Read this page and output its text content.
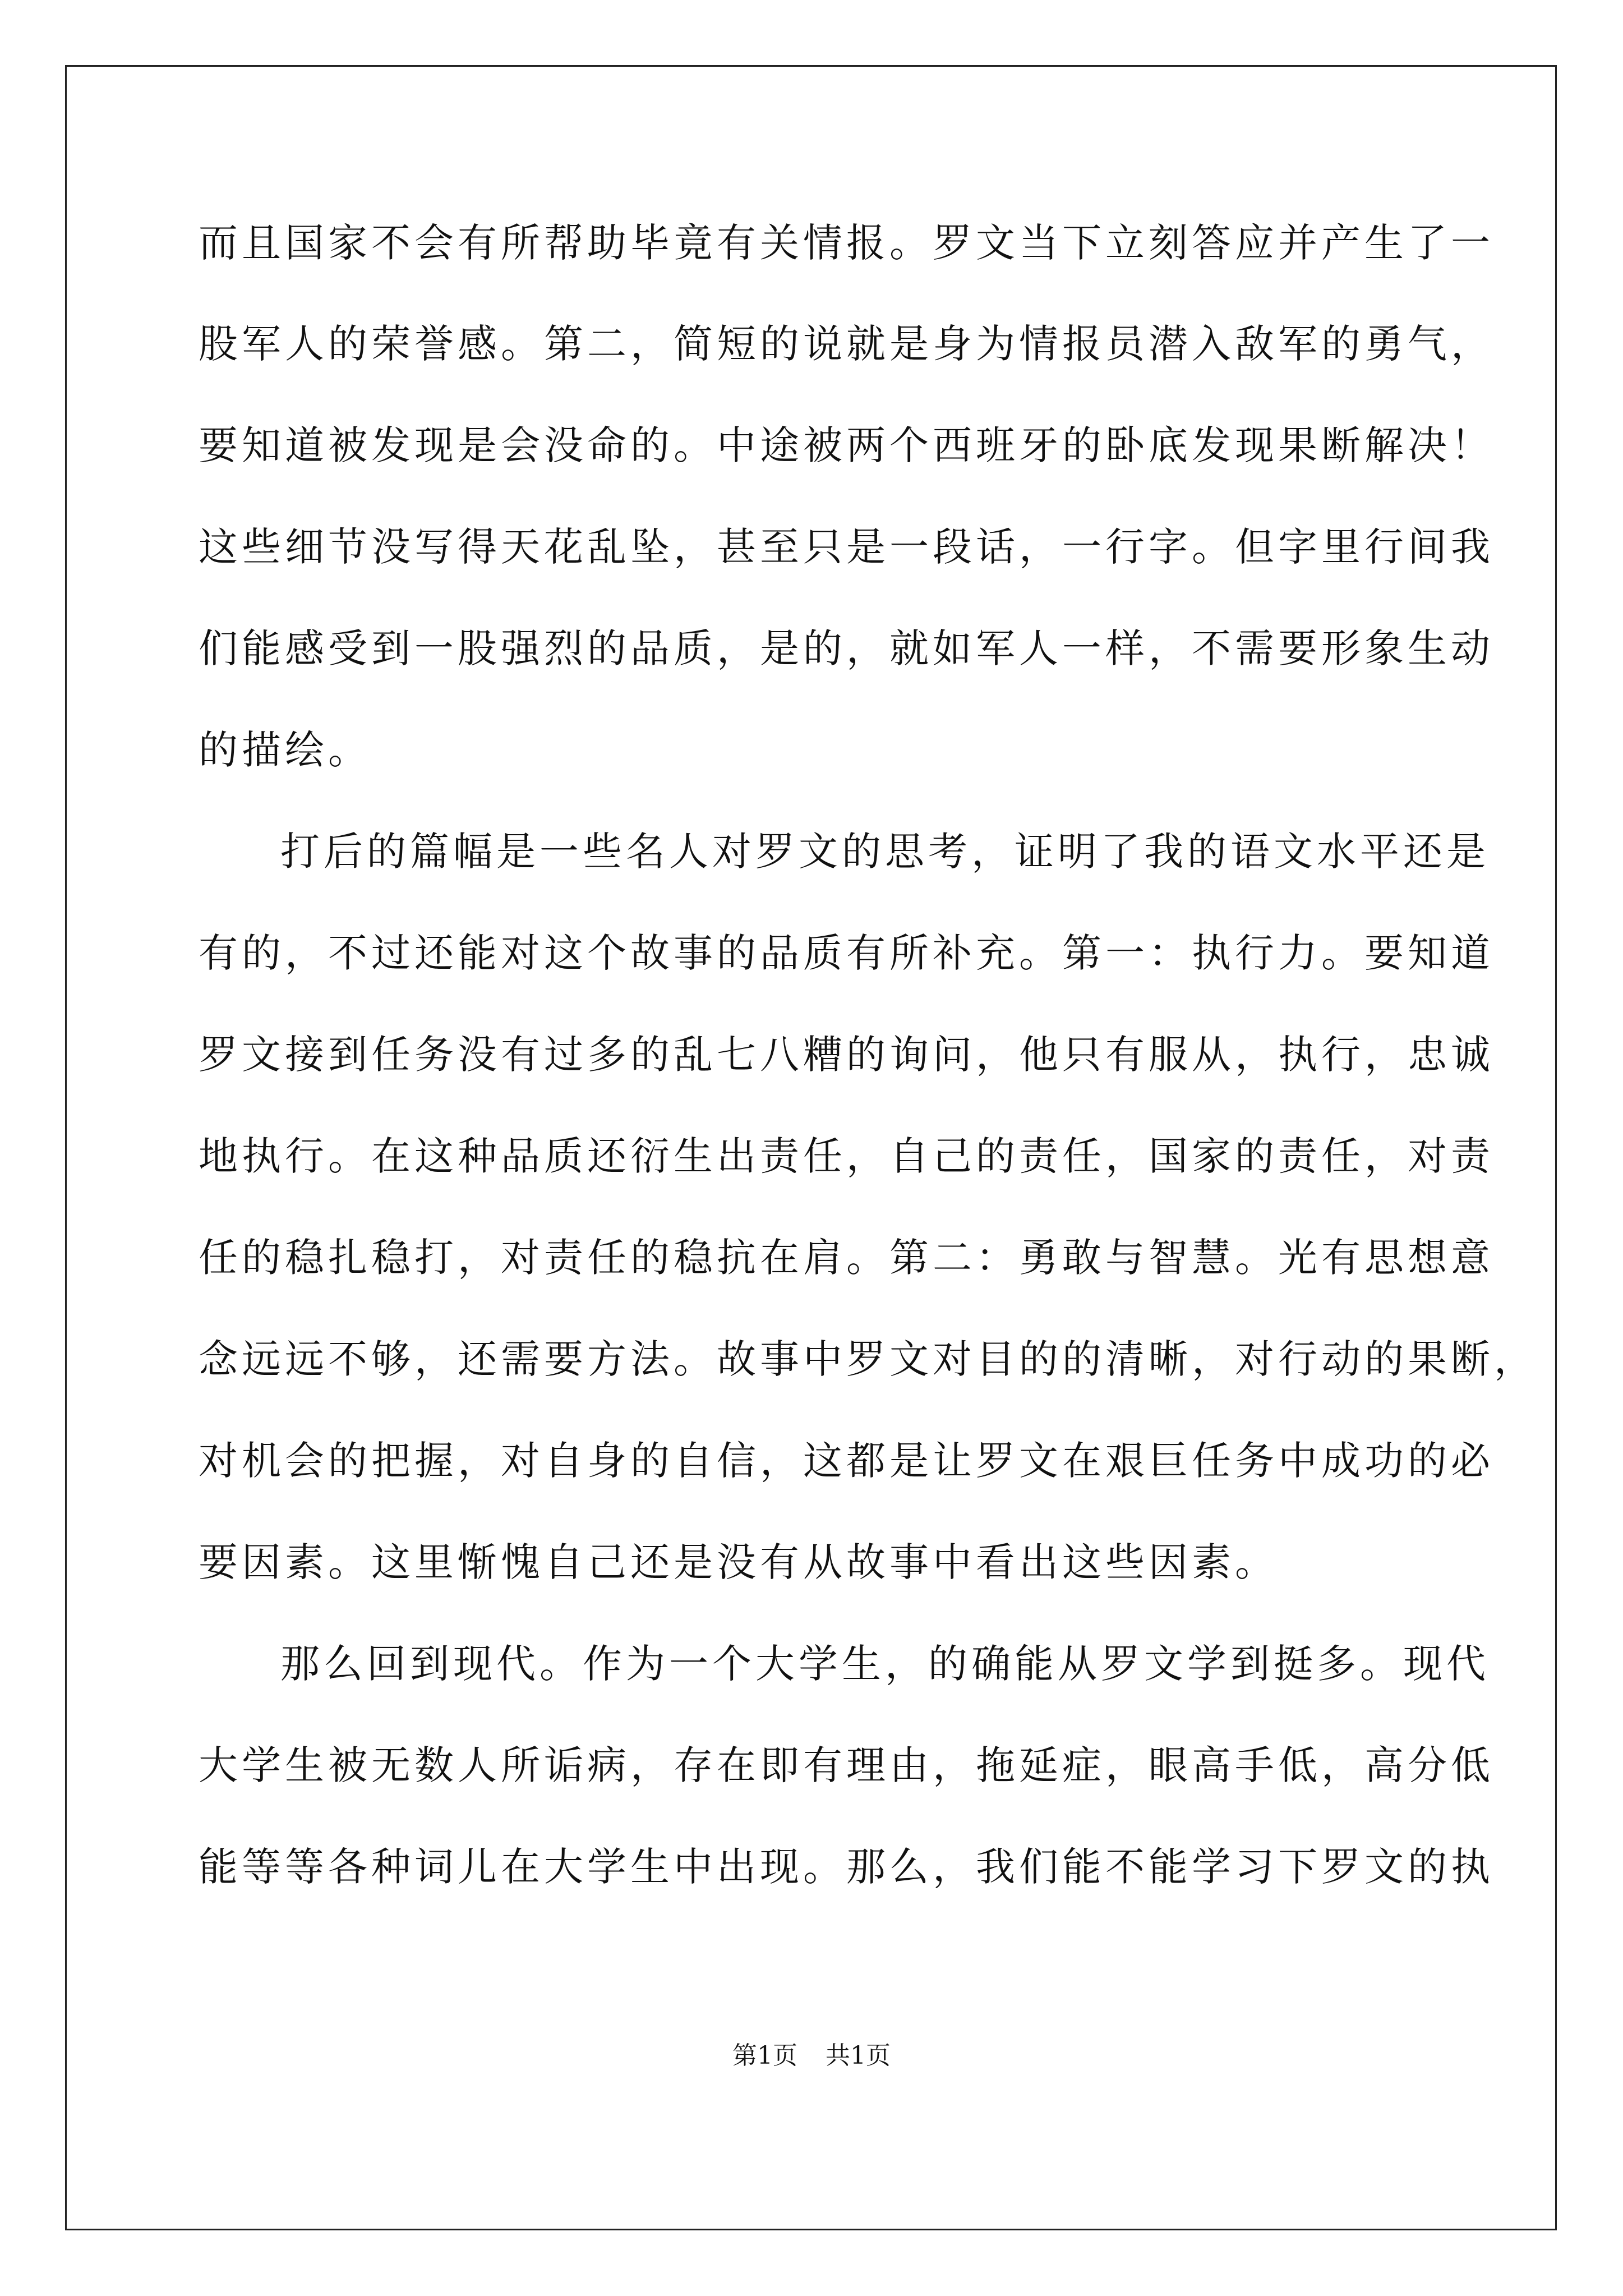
而且国家不会有所帮助毕竟有关情报。罗文当下立刻答应并产生了一
股军人的荣誉感。第二，简短的说就是身为情报员潜入敌军的勇气，
要知道被发现是会没命的。中途被两个西班牙的卧底发现果断解决！
这些细节没写得天花乱坠，甚至只是一段话，一行字。但字里行间我
们能感受到一股强烈的品质，是的，就如军人一样，不需要形象生动
的描绘。
打后的篇幅是一些名人对罗文的思考，证明了我的语文水平还是
有的，不过还能对这个故事的品质有所补充。第一：执行力。要知道
罗文接到任务没有过多的乱七八糟的询问，他只有服从，执行，忠诚
地执行。在这种品质还衍生出责任，自己的责任，国家的责任，对责
任的稳扎稳打，对责任的稳抗在肩。第二：勇敢与智慧。光有思想意
念远远不够，还需要方法。故事中罗文对目的的清晰，对行动的果断，
对机会的把握，对自身的自信，这都是让罗文在艰巨任务中成功的必
要因素。这里惭愧自己还是没有从故事中看出这些因素。
那么回到现代。作为一个大学生，的确能从罗文学到挺多。现代
大学生被无数人所诟病，存在即有理由，拖延症，眼高手低，高分低
能等等各种词儿在大学生中出现。那么，我们能不能学习下罗文的执
第1页 共1页
